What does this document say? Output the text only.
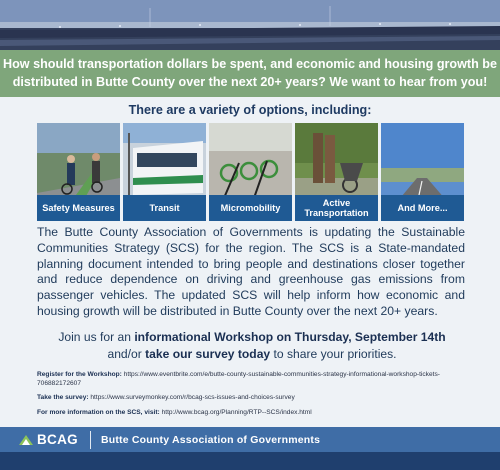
How should transportation dollars be spent, and economic and housing growth be
distributed in Butte County over the next 20+ years? We want to hear from you!
There are a variety of options, including:
Safety Measures	Transit	Micromobility	Active Transportation	And More...

The Butte County Association of Governments is updating the Sustainable Communities Strategy (SCS) for the region. The SCS is a State-mandated planning document intended to bring people and destinations closer together and reduce dependence on driving and greenhouse gas emissions from passenger vehicles. The updated SCS will help inform how economic and housing growth will be distributed in Butte County over the next 20+ years.

Join us for an informational Workshop on Thursday, September 14th and/or take our survey today to share your priorities.

Register for the Workshop: https://www.eventbrite.com/e/butte-county-sustainable-communities-strategy-informational-workshop-tickets-706882172607

Take the survey: https://www.surveymonkey.com/r/bcag-scs-issues-and-choices-survey

For more information on the SCS, visit: http://www.bcag.org/Planning/RTP--SCS/index.html

BCAG Butte County Association of Governments
